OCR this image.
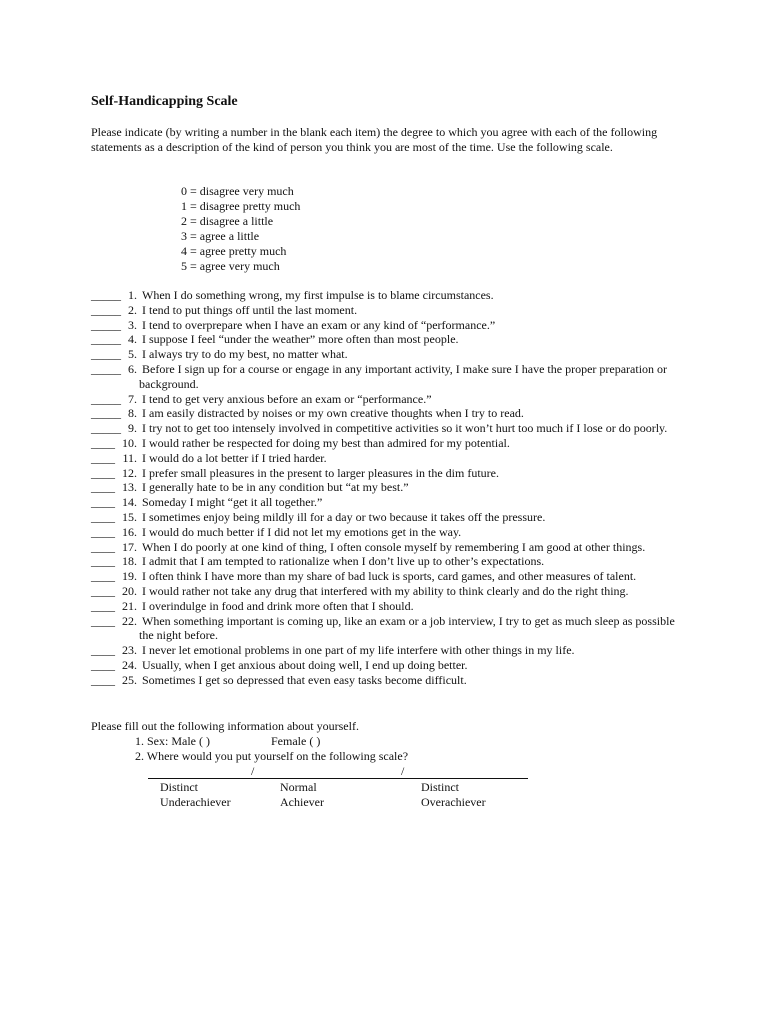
Self-Handicapping Scale

Please indicate (by writing a number in the blank each item) the degree to which you agree with each of the following statements as a description of the kind of person you think you are most of the time. Use the following scale.

0 = disagree very much
1 = disagree pretty much
2 = disagree a little
3 = agree a little
4 = agree pretty much
5 = agree very much
_____ 1. When I do something wrong, my first impulse is to blame circumstances.
_____ 2. I tend to put things off until the last moment.
_____ 3. I tend to overprepare when I have an exam or any kind of “performance.”
_____ 4. I suppose I feel “under the weather” more often than most people.
_____ 5. I always try to do my best, no matter what.
_____ 6. Before I sign up for a course or engage in any important activity, I make sure I have the proper preparation or background.
_____ 7. I tend to get very anxious before an exam or “performance.”
_____ 8. I am easily distracted by noises or my own creative thoughts when I try to read.
_____ 9. I try not to get too intensely involved in competitive activities so it won’t hurt too much if I lose or do poorly.
____ 10. I would rather be respected for doing my best than admired for my potential.
____ 11. I would do a lot better if I tried harder.
____ 12. I prefer small pleasures in the present to larger pleasures in the dim future.
____ 13. I generally hate to be in any condition but “at my best.”
____ 14. Someday I might “get it all together.”
____ 15. I sometimes enjoy being mildly ill for a day or two because it takes off the pressure.
____ 16. I would do much better if I did not let my emotions get in the way.
____ 17. When I do poorly at one kind of thing, I often console myself by remembering I am good at other things.
____ 18. I admit that I am tempted to rationalize when I don’t live up to other’s expectations.
____ 19. I often think I have more than my share of bad luck is sports, card games, and other measures of talent.
____ 20. I would rather not take any drug that interfered with my ability to think clearly and do the right thing.
____ 21. I overindulge in food and drink more often that I should.
____ 22. When something important is coming up, like an exam or a job interview, I try to get as much sleep as possible the night before.
____ 23. I never let emotional problems in one part of my life interfere with other things in my life.
____ 24. Usually, when I get anxious about doing well, I end up doing better.
____ 25. Sometimes I get so depressed that even easy tasks become difficult.

Please fill out the following information about yourself.

1. Sex: Male ( )	Female ( )
2. Where would you put yourself on the following scale?
/	/
Distinct
Underachiever
Normal
Achiever
Distinct
Overachiever
